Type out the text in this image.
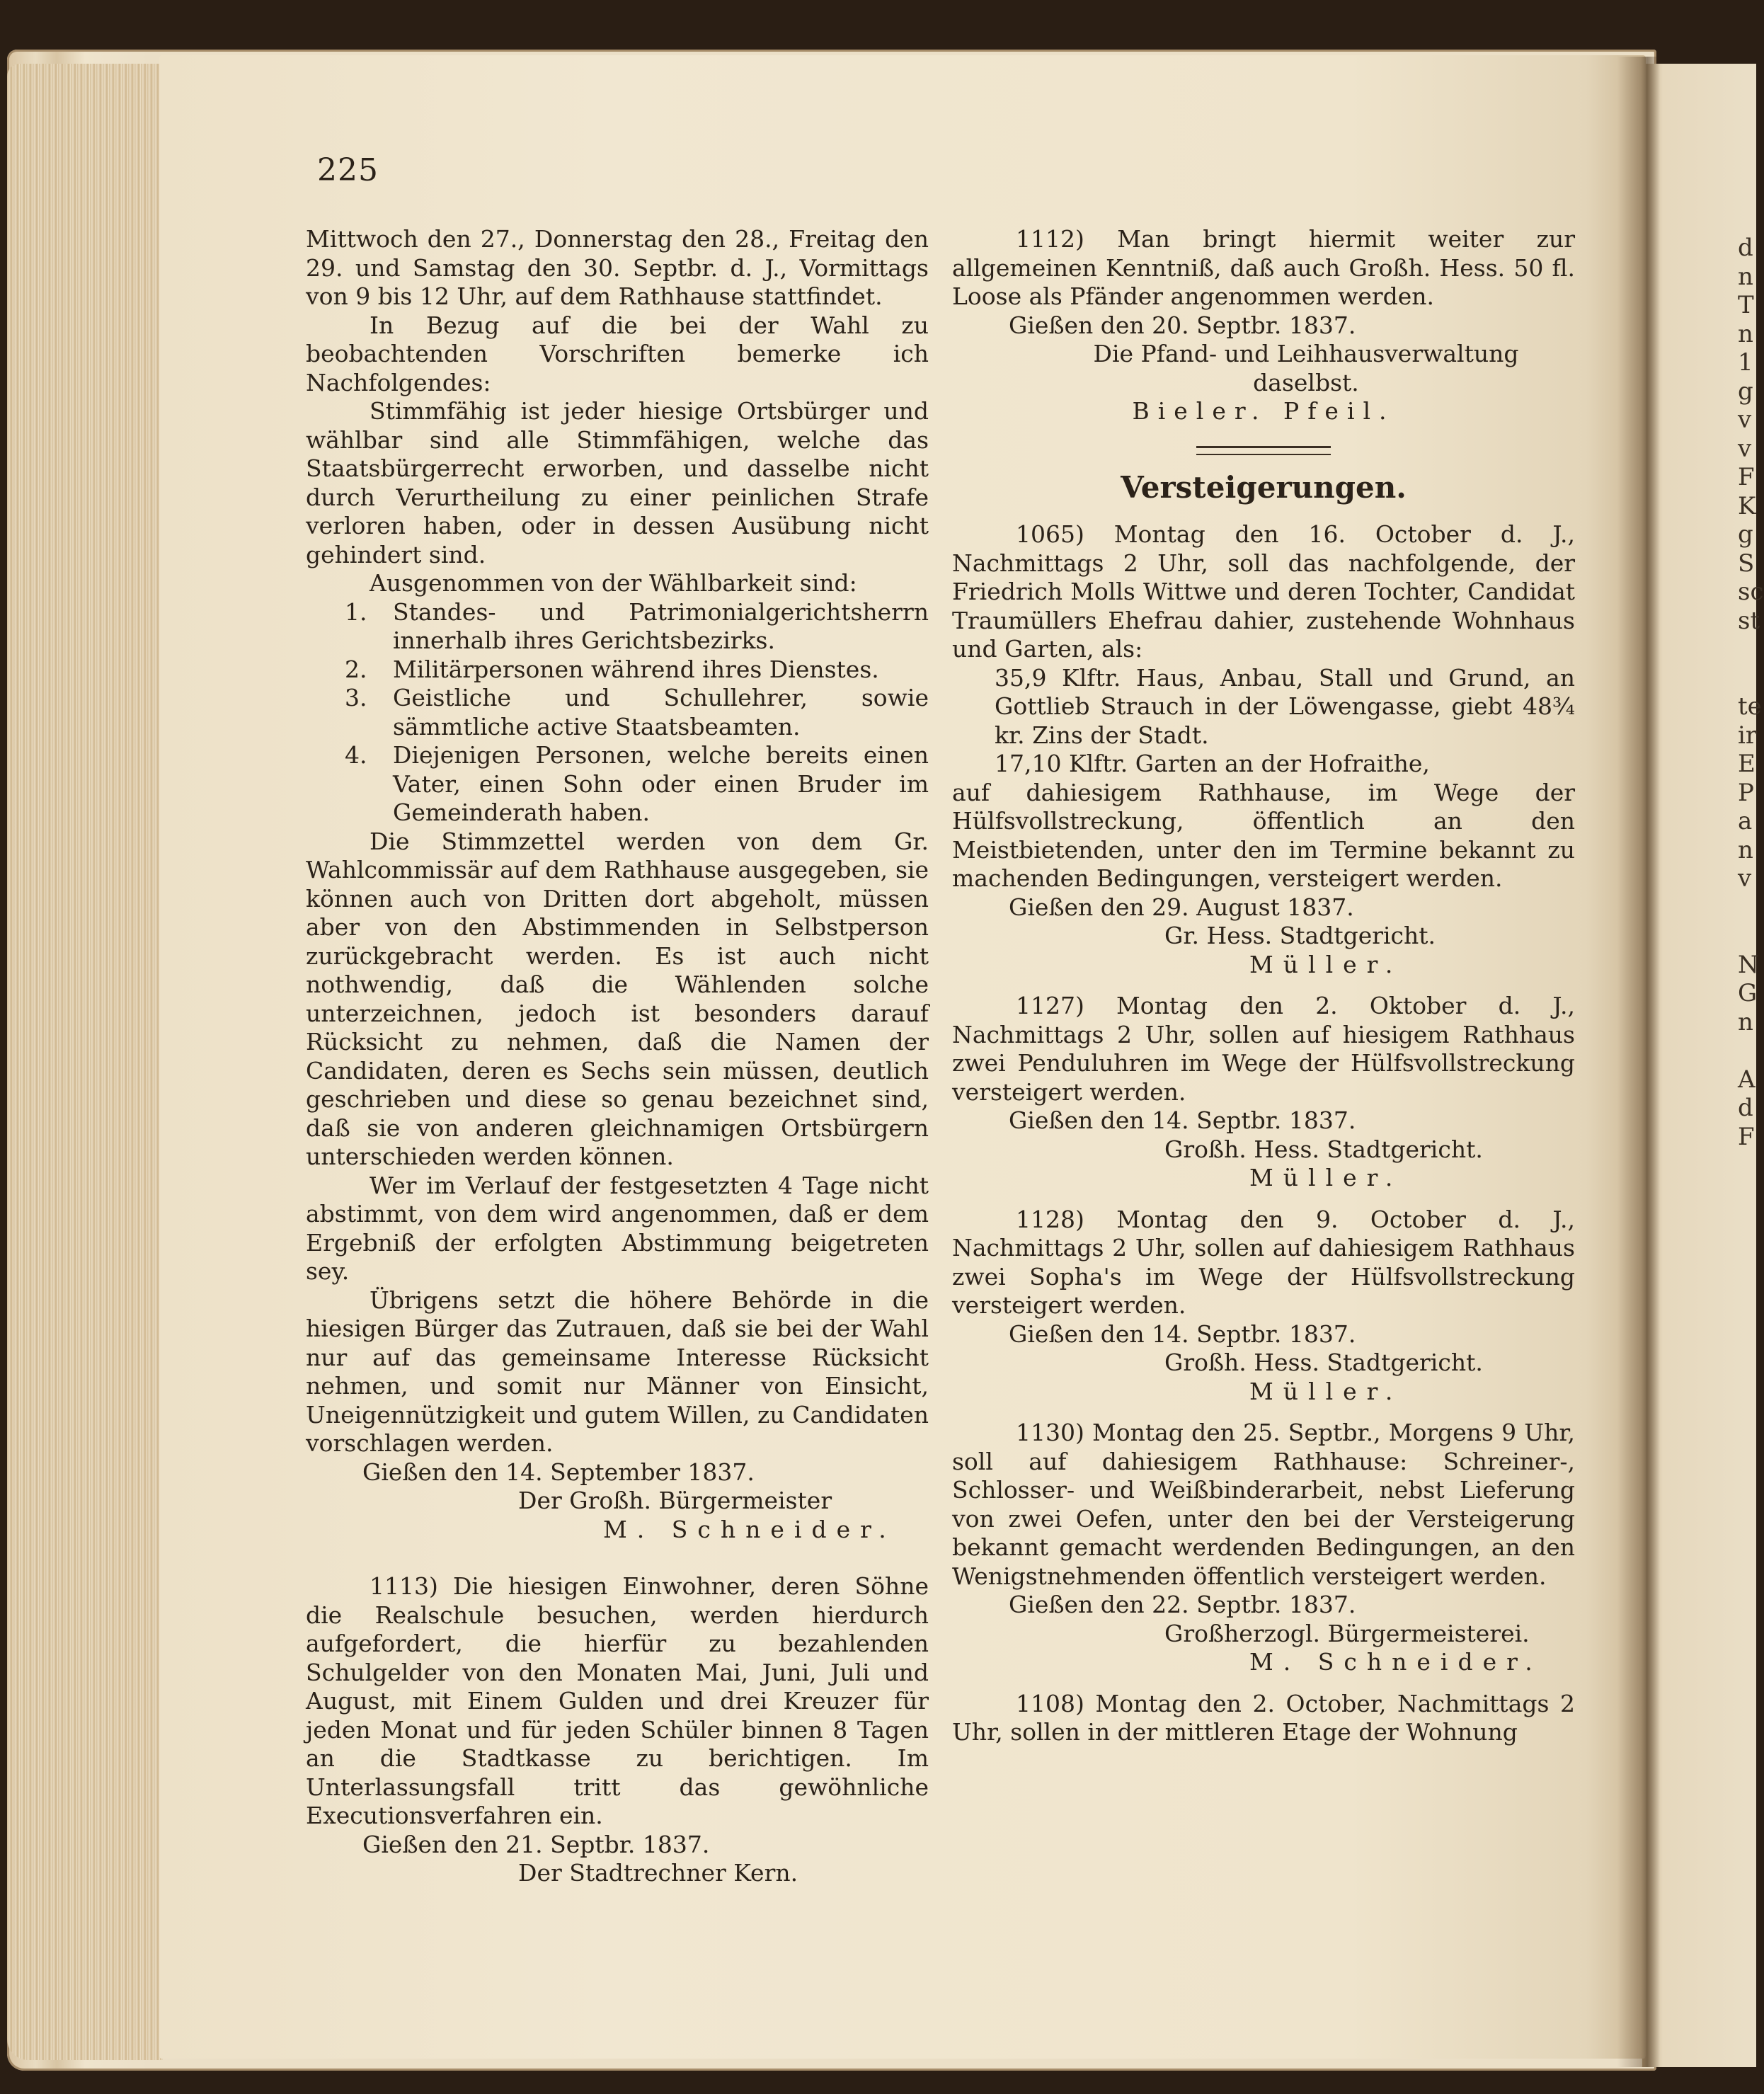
225

Mittwoch den 27., Donnerstag den 28., Freitag den 29. und Samstag den 30. Septbr. d. J., Vormittags von 9 bis 12 Uhr, auf dem Rathhause stattfindet.

In Bezug auf die bei der Wahl zu beobachtenden Vorschriften bemerke ich Nachfolgendes:

Stimmfähig ist jeder hiesige Ortsbürger und wählbar sind alle Stimmfähigen, welche das Staatsbürgerrecht erworben, und dasselbe nicht durch Verurtheilung zu einer peinlichen Strafe verloren haben, oder in dessen Ausübung nicht gehindert sind.

Ausgenommen von der Wählbarkeit sind:

1. Standes- und Patrimonialgerichtsherrn innerhalb ihres Gerichtsbezirks.
2. Militärpersonen während ihres Dienstes.
3. Geistliche und Schullehrer, sowie sämmtliche active Staatsbeamten.
4. Diejenigen Personen, welche bereits einen Vater, einen Sohn oder einen Bruder im Gemeinderath haben.

Die Stimmzettel werden von dem Gr. Wahlcommissär auf dem Rathhause ausgegeben, sie können auch von Dritten dort abgeholt, müssen aber von den Abstimmenden in Selbstperson zurückgebracht werden. Es ist auch nicht nothwendig, daß die Wählenden solche unterzeichnen, jedoch ist besonders darauf Rücksicht zu nehmen, daß die Namen der Candidaten, deren es Sechs sein müssen, deutlich geschrieben und diese so genau bezeichnet sind, daß sie von anderen gleichnamigen Ortsbürgern unterschieden werden können.

Wer im Verlauf der festgesetzten 4 Tage nicht abstimmt, von dem wird angenommen, daß er dem Ergebniß der erfolgten Abstimmung beigetreten sey.

Übrigens setzt die höhere Behörde in die hiesigen Bürger das Zutrauen, daß sie bei der Wahl nur auf das gemeinsame Interesse Rücksicht nehmen, und somit nur Männer von Einsicht, Uneigennützigkeit und gutem Willen, zu Candidaten vorschlagen werden.

Gießen den 14. September 1837.

Der Großh. Bürgermeister

M. Schneider.

1113) Die hiesigen Einwohner, deren Söhne die Realschule besuchen, werden hierdurch aufgefordert, die hierfür zu bezahlenden Schulgelder von den Monaten Mai, Juni, Juli und August, mit Einem Gulden und drei Kreuzer für jeden Monat und für jeden Schüler binnen 8 Tagen an die Stadtkasse zu berichtigen. Im Unterlassungsfall tritt das gewöhnliche Executionsverfahren ein.

Gießen den 21. Septbr. 1837.

Der Stadtrechner Kern.

1112) Man bringt hiermit weiter zur allgemeinen Kenntniß, daß auch Großh. Hess. 50 fl. Loose als Pfänder angenommen werden.

Gießen den 20. Septbr. 1837.

Die Pfand- und Leihhausverwaltung daselbst.

Bieler. Pfeil.

Versteigerungen.

1065) Montag den 16. October d. J., Nachmittags 2 Uhr, soll das nachfolgende, der Friedrich Molls Wittwe und deren Tochter, Candidat Traumüllers Ehefrau dahier, zustehende Wohnhaus und Garten, als:

35,9 Klftr. Haus, Anbau, Stall und Grund, an Gottlieb Strauch in der Löwengasse, giebt 48¾ kr. Zins der Stadt.

17,10 Klftr. Garten an der Hofraithe,

auf dahiesigem Rathhause, im Wege der Hülfsvollstreckung, öffentlich an den Meistbietenden, unter den im Termine bekannt zu machenden Bedingungen, versteigert werden.

Gießen den 29. August 1837.

Gr. Hess. Stadtgericht.

Müller.

1127) Montag den 2. Oktober d. J., Nachmittags 2 Uhr, sollen auf hiesigem Rathhaus zwei Penduluhren im Wege der Hülfsvollstreckung versteigert werden.

Gießen den 14. Septbr. 1837.

Großh. Hess. Stadtgericht.

Müller.

1128) Montag den 9. October d. J., Nachmittags 2 Uhr, sollen auf dahiesigem Rathhaus zwei Sopha's im Wege der Hülfsvollstreckung versteigert werden.

Gießen den 14. Septbr. 1837.

Großh. Hess. Stadtgericht.

Müller.

1130) Montag den 25. Septbr., Morgens 9 Uhr, soll auf dahiesigem Rathhause: Schreiner-, Schlosser- und Weißbinderarbeit, nebst Lieferung von zwei Oefen, unter den bei der Versteigerung bekannt gemacht werdenden Bedingungen, an den Wenigstnehmenden öffentlich versteigert werden.

Gießen den 22. Septbr. 1837.

Großherzogl. Bürgermeisterei.

M. Schneider.

1108) Montag den 2. October, Nachmittags 2 Uhr, sollen in der mittleren Etage der Wohnung

d
n
T
n
1
g
v
v
F
K
g
S
sc
st

te
ir
E
P
a
n
v

N
G
n

A
d
F
